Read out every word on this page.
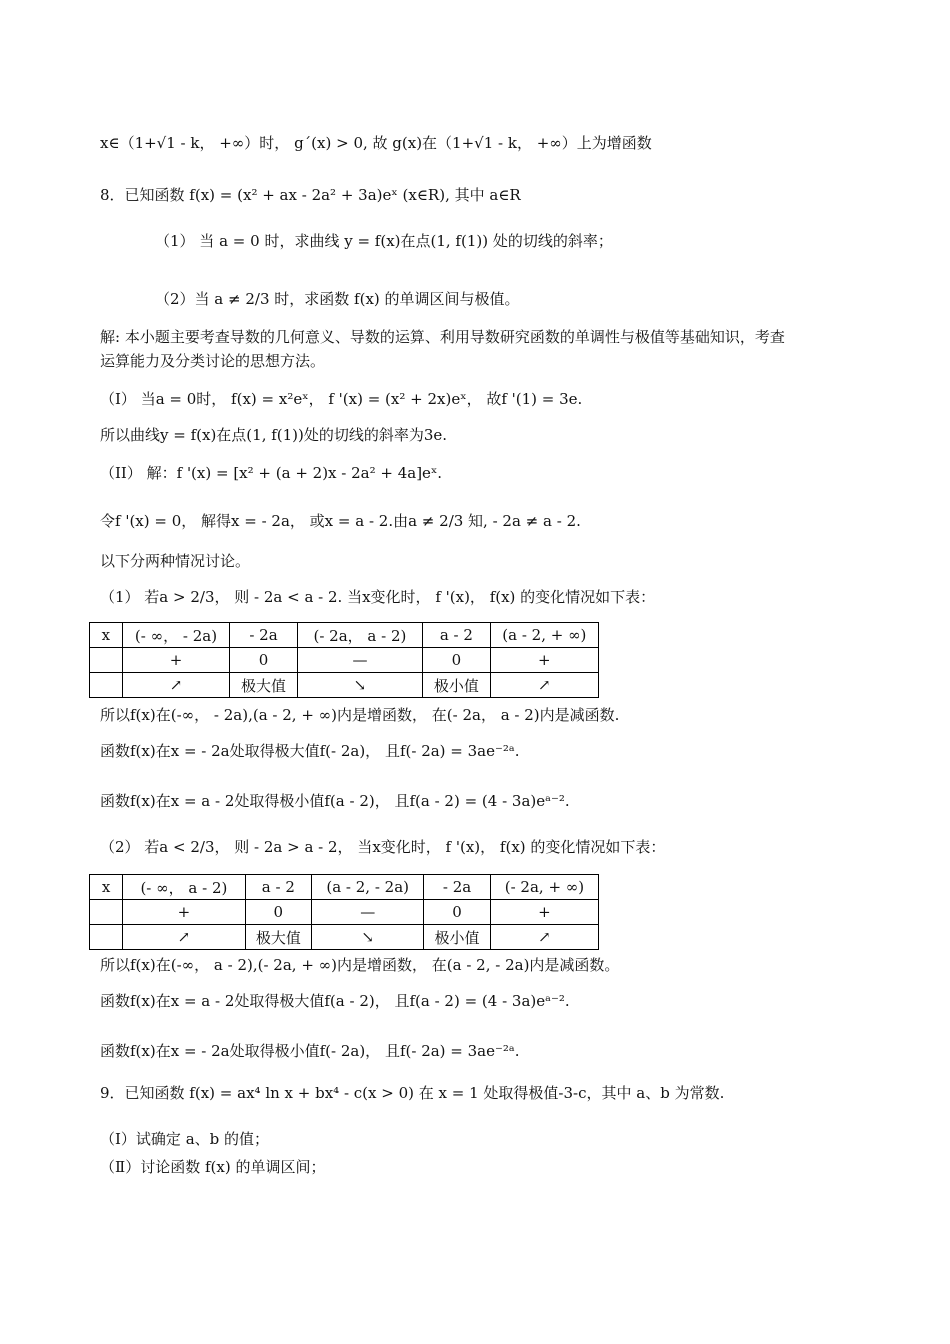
x∈（1+√1 - k， +∞）时， g´(x) > 0, 故 g(x)在（1+√1 - k， +∞）上为增函数
8．已知函数 f(x) = (x² + ax - 2a² + 3a)eˣ (x∈R), 其中 a∈R
（1） 当 a = 0 时，求曲线 y = f(x)在点(1, f(1)) 处的切线的斜率；
（2）当 a ≠ 2/3 时，求函数 f(x) 的单调区间与极值。
解: 本小题主要考查导数的几何意义、导数的运算、利用导数研究函数的单调性与极值等基础知识，考查
运算能力及分类讨论的思想方法。
（I） 当a = 0时， f(x) = x²eˣ， f '(x) = (x² + 2x)eˣ， 故f '(1) = 3e.
所以曲线y = f(x)在点(1, f(1))处的切线的斜率为3e.
（II） 解：f '(x) = [x² + (a + 2)x - 2a² + 4a]eˣ.
令f '(x) = 0， 解得x = - 2a， 或x = a - 2.由a ≠ 2/3 知, - 2a ≠ a - 2.
以下分两种情况讨论。
（1） 若a > 2/3， 则 - 2a < a - 2. 当x变化时， f '(x)， f(x) 的变化情况如下表：
x	(- ∞， - 2a)	- 2a	(- 2a， a - 2)	a - 2	(a - 2, + ∞)
	+	0	—	0	+
	↗	极大值	↘	极小值	↗
所以f(x)在(-∞， - 2a),(a - 2, + ∞)内是增函数， 在(- 2a， a - 2)内是减函数.
函数f(x)在x = - 2a处取得极大值f(- 2a)， 且f(- 2a) = 3ae⁻²ᵃ.
函数f(x)在x = a - 2处取得极小值f(a - 2)， 且f(a - 2) = (4 - 3a)eᵃ⁻².
（2） 若a < 2/3， 则 - 2a > a - 2， 当x变化时， f '(x)， f(x) 的变化情况如下表：
x	(- ∞， a - 2)	a - 2	(a - 2, - 2a)	- 2a	(- 2a, + ∞)
	+	0	—	0	+
	↗	极大值	↘	极小值	↗
所以f(x)在(-∞， a - 2),(- 2a, + ∞)内是增函数， 在(a - 2, - 2a)内是减函数。
函数f(x)在x = a - 2处取得极大值f(a - 2)， 且f(a - 2) = (4 - 3a)eᵃ⁻².
函数f(x)在x = - 2a处取得极小值f(- 2a)， 且f(- 2a) = 3ae⁻²ᵃ.
9．已知函数 f(x) = ax⁴ ln x + bx⁴ - c(x > 0) 在 x = 1 处取得极值-3-c，其中 a、b 为常数.
（Ⅰ）试确定 a、b 的值；
（Ⅱ）讨论函数 f(x) 的单调区间；
